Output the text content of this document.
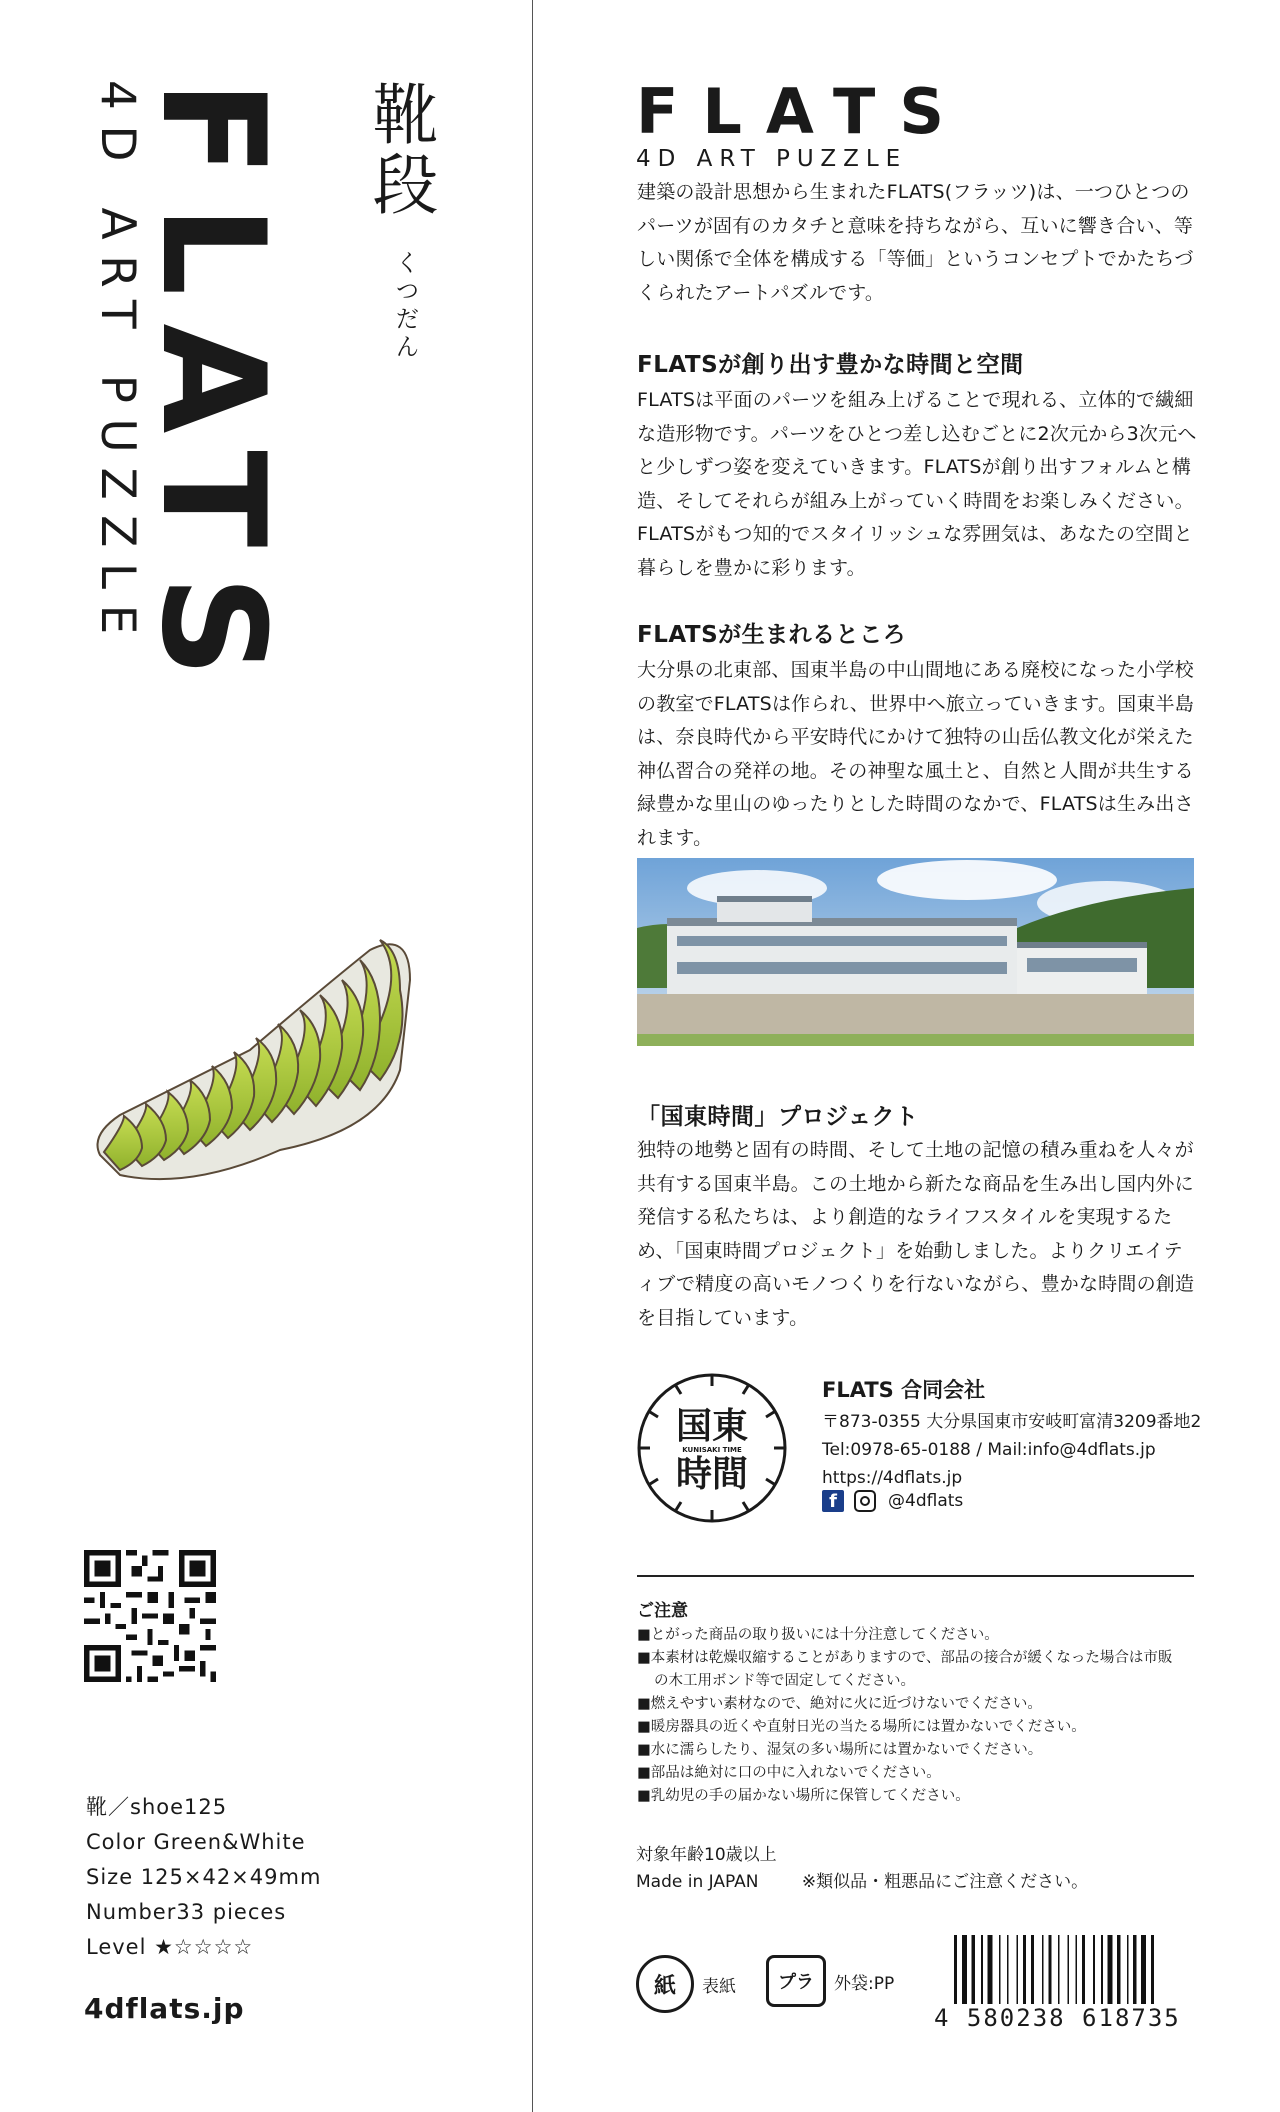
4D ART PUZZLE
FLATS 靴段
くつだん
靴／shoe125
Color Green&White
Size 125×42×49mm
Number33 pieces
Level ★☆☆☆☆
4dflats.jp
FLATS
4D ART PUZZLE
建築の設計思想から生まれたFLATS(フラッツ)は、一つひとつのパーツが固有のカタチと意味を持ちながら、互いに響き合い、等しい関係で全体を構成する「等価」というコンセプトでかたちづくられたアートパズルです。
FLATSが創り出す豊かな時間と空間
FLATSは平面のパーツを組み上げることで現れる、立体的で繊細な造形物です。パーツをひとつ差し込むごとに2次元から3次元へと少しずつ姿を変えていきます。FLATSが創り出すフォルムと構造、そしてそれらが組み上がっていく時間をお楽しみください。FLATSがもつ知的でスタイリッシュな雰囲気は、あなたの空間と暮らしを豊かに彩ります。
FLATSが生まれるところ
大分県の北東部、国東半島の中山間地にある廃校になった小学校の教室でFLATSは作られ、世界中へ旅立っていきます。国東半島は、奈良時代から平安時代にかけて独特の山岳仏教文化が栄えた神仏習合の発祥の地。その神聖な風土と、自然と人間が共生する緑豊かな里山のゆったりとした時間のなかで、FLATSは生み出されます。
「国東時間」プロジェクト
独特の地勢と固有の時間、そして土地の記憶の積み重ねを人々が共有する国東半島。この土地から新たな商品を生み出し国内外に発信する私たちは、より創造的なライフスタイルを実現するため、「国東時間プロジェクト」を始動しました。よりクリエイティブで精度の高いモノつくりを行ないながら、豊かな時間の創造を目指しています。
国東
KUNISAKI TIME
時間
FLATS 合同会社
〒873-0355 大分県国東市安岐町富清3209番地2
Tel:0978-65-0188 / Mail:info@4dflats.jp
https://4dflats.jp
f	@4dflats
ご注意
■とがった商品の取り扱いには十分注意してください。
■本素材は乾燥収縮することがありますので、部品の接合が緩くなった場合は市販
の木工用ボンド等で固定してください。
■燃えやすい素材なので、絶対に火に近づけないでください。
■暖房器具の近くや直射日光の当たる場所には置かないでください。
■水に濡らしたり、湿気の多い場所には置かないでください。
■部品は絶対に口の中に入れないでください。
■乳幼児の手の届かない場所に保管してください。
対象年齢10歳以上
Made in JAPAN	※類似品・粗悪品にご注意ください。
紙	表紙	プラ	外袋:PP
4 580238 618735
